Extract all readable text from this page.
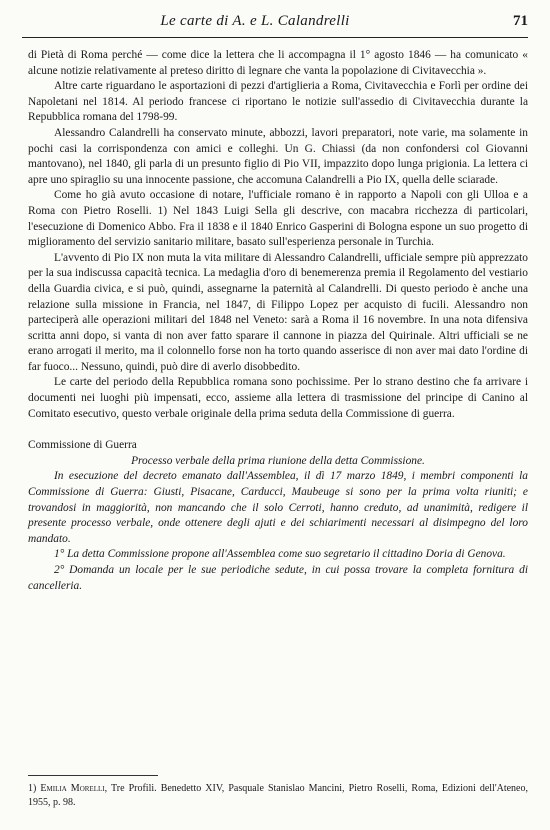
Le carte di A. e L. Calandrelli	71

di Pietà di Roma perché — come dice la lettera che li accompagna il 1° agosto 1846 — ha comunicato « alcune notizie relativamente al preteso diritto di legnare che vanta la popolazione di Civitavecchia ».

Altre carte riguardano le asportazioni di pezzi d'artiglieria a Roma, Civitavecchia e Forlì per ordine dei Napoletani nel 1814. Al periodo francese ci riportano le notizie sull'assedio di Civitavecchia durante la Repubblica romana del 1798-99.

Alessandro Calandrelli ha conservato minute, abbozzi, lavori preparatori, note varie, ma solamente in pochi casi la corrispondenza con amici e colleghi. Un G. Chiassi (da non confondersi col Giovanni mantovano), nel 1840, gli parla di un presunto figlio di Pio VII, impazzito dopo lunga prigionia. La lettera ci apre uno spiraglio su una innocente passione, che accomuna Calandrelli a Pio IX, quella delle sciarade.

Come ho già avuto occasione di notare, l'ufficiale romano è in rapporto a Napoli con gli Ulloa e a Roma con Pietro Roselli. 1) Nel 1843 Luigi Sella gli descrive, con macabra ricchezza di particolari, l'esecuzione di Domenico Abbo. Fra il 1838 e il 1840 Enrico Gasperini di Bologna espone un suo progetto di miglioramento del servizio sanitario militare, basato sull'esperienza personale in Turchia.

L'avvento di Pio IX non muta la vita militare di Alessandro Calandrelli, ufficiale sempre più apprezzato per la sua indiscussa capacità tecnica. La medaglia d'oro di benemerenza premia il Regolamento del vestiario della Guardia civica, e si può, quindi, assegnarne la paternità al Calandrelli. Di questo periodo è anche una relazione sulla missione in Francia, nel 1847, di Filippo Lopez per acquisto di fucili. Alessandro non parteciperà alle operazioni militari del 1848 nel Veneto: sarà a Roma il 16 novembre. In una nota difensiva scritta anni dopo, si vanta di non aver fatto sparare il cannone in piazza del Quirinale. Altri ufficiali se ne erano arrogati il merito, ma il colonnello forse non ha torto quando asserisce di non aver mai dato l'ordine di far fuoco... Nessuno, quindi, può dire di averlo disobbedito.

Le carte del periodo della Repubblica romana sono pochissime. Per lo strano destino che fa arrivare i documenti nei luoghi più impensati, ecco, assieme alla lettera di trasmissione del principe di Canino al Comitato esecutivo, questo verbale originale della prima seduta della Commissione di guerra.

Commissione di Guerra

Processo verbale della prima riunione della detta Commissione.

In esecuzione del decreto emanato dall'Assemblea, il dì 17 marzo 1849, i membri componenti la Commissione di Guerra: Giusti, Pisacane, Carducci, Maubeuge si sono per la prima volta riuniti; e trovandosi in maggiorità, non mancando che il solo Cerroti, hanno creduto, ad unanimità, redigere il presente processo verbale, onde ottenere degli ajuti e dei schiarimenti necessari al disimpegno del loro mandato.

1° La detta Commissione propone all'Assemblea come suo segretario il cittadino Doria di Genova.

2° Domanda un locale per le sue periodiche sedute, in cui possa trovare la completa fornitura di cancelleria.

1) Emilia Morelli, Tre Profili. Benedetto XIV, Pasquale Stanislao Mancini, Pietro Roselli, Roma, Edizioni dell'Ateneo, 1955, p. 98.
